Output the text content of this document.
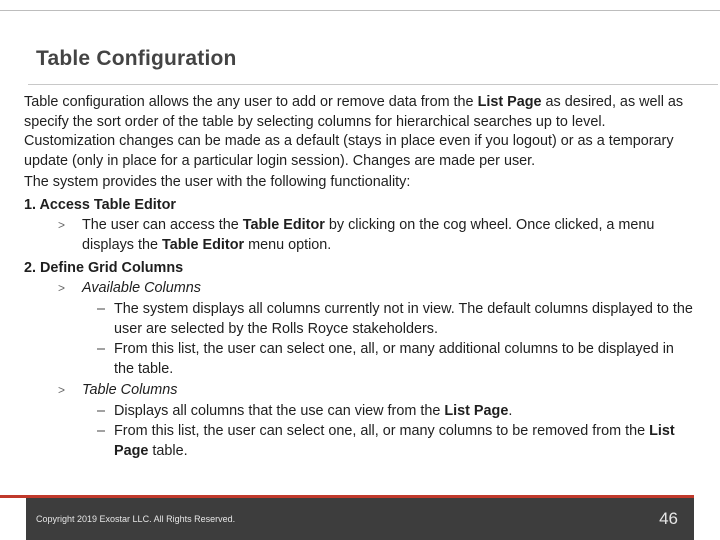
Table Configuration

Table configuration allows the any user to add or remove data from the List Page as desired, as well as specify the sort order of the table by selecting columns for hierarchical searches up to level. Customization changes can be made as a default (stays in place even if you logout) or as a temporary update (only in place for a particular login session). Changes are made per user.

The system provides the user with the following functionality:

1. Access Table Editor

> The user can access the Table Editor by clicking on the cog wheel. Once clicked, a menu displays the Table Editor menu option.

2. Define Grid Columns

> Available Columns

– The system displays all columns currently not in view. The default columns displayed to the user are selected by the Rolls Royce stakeholders.

– From this list, the user can select one, all, or many additional columns to be displayed in the table.

> Table Columns

– Displays all columns that the use can view from the List Page.

– From this list, the user can select one, all, or many columns to be removed from the List Page table.

Copyright 2019 Exostar LLC. All Rights Reserved.	46
